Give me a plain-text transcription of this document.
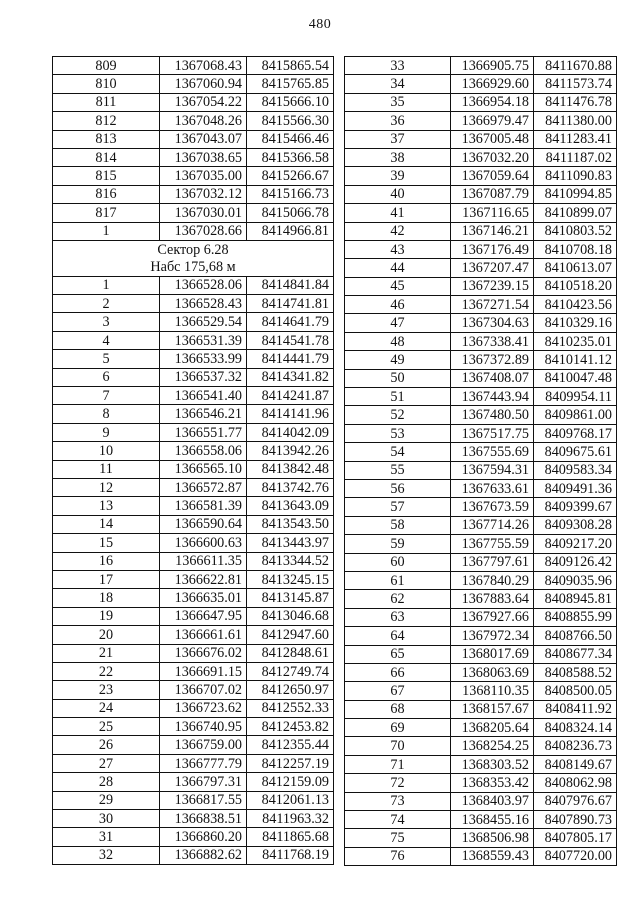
480
809	1367068.43	8415865.54
810	1367060.94	8415765.85
811	1367054.22	8415666.10
812	1367048.26	8415566.30
813	1367043.07	8415466.46
814	1367038.65	8415366.58
815	1367035.00	8415266.67
816	1367032.12	8415166.73
817	1367030.01	8415066.78
1	1367028.66	8414966.81
Сектор 6.28		
Набс 175,68 м		
1	1366528.06	8414841.84
2	1366528.43	8414741.81
3	1366529.54	8414641.79
4	1366531.39	8414541.78
5	1366533.99	8414441.79
6	1366537.32	8414341.82
7	1366541.40	8414241.87
8	1366546.21	8414141.96
9	1366551.77	8414042.09
10	1366558.06	8413942.26
11	1366565.10	8413842.48
12	1366572.87	8413742.76
13	1366581.39	8413643.09
14	1366590.64	8413543.50
15	1366600.63	8413443.97
16	1366611.35	8413344.52
17	1366622.81	8413245.15
18	1366635.01	8413145.87
19	1366647.95	8413046.68
20	1366661.61	8412947.60
21	1366676.02	8412848.61
22	1366691.15	8412749.74
23	1366707.02	8412650.97
24	1366723.62	8412552.33
25	1366740.95	8412453.82
26	1366759.00	8412355.44
27	1366777.79	8412257.19
28	1366797.31	8412159.09
29	1366817.55	8412061.13
30	1366838.51	8411963.32
31	1366860.20	8411865.68
32	1366882.62	8411768.19
33	1366905.75	8411670.88
34	1366929.60	8411573.74
35	1366954.18	8411476.78
36	1366979.47	8411380.00
37	1367005.48	8411283.41
38	1367032.20	8411187.02
39	1367059.64	8411090.83
40	1367087.79	8410994.85
41	1367116.65	8410899.07
42	1367146.21	8410803.52
43	1367176.49	8410708.18
44	1367207.47	8410613.07
45	1367239.15	8410518.20
46	1367271.54	8410423.56
47	1367304.63	8410329.16
48	1367338.41	8410235.01
49	1367372.89	8410141.12
50	1367408.07	8410047.48
51	1367443.94	8409954.11
52	1367480.50	8409861.00
53	1367517.75	8409768.17
54	1367555.69	8409675.61
55	1367594.31	8409583.34
56	1367633.61	8409491.36
57	1367673.59	8409399.67
58	1367714.26	8409308.28
59	1367755.59	8409217.20
60	1367797.61	8409126.42
61	1367840.29	8409035.96
62	1367883.64	8408945.81
63	1367927.66	8408855.99
64	1367972.34	8408766.50
65	1368017.69	8408677.34
66	1368063.69	8408588.52
67	1368110.35	8408500.05
68	1368157.67	8408411.92
69	1368205.64	8408324.14
70	1368254.25	8408236.73
71	1368303.52	8408149.67
72	1368353.42	8408062.98
73	1368403.97	8407976.67
74	1368455.16	8407890.73
75	1368506.98	8407805.17
76	1368559.43	8407720.00
